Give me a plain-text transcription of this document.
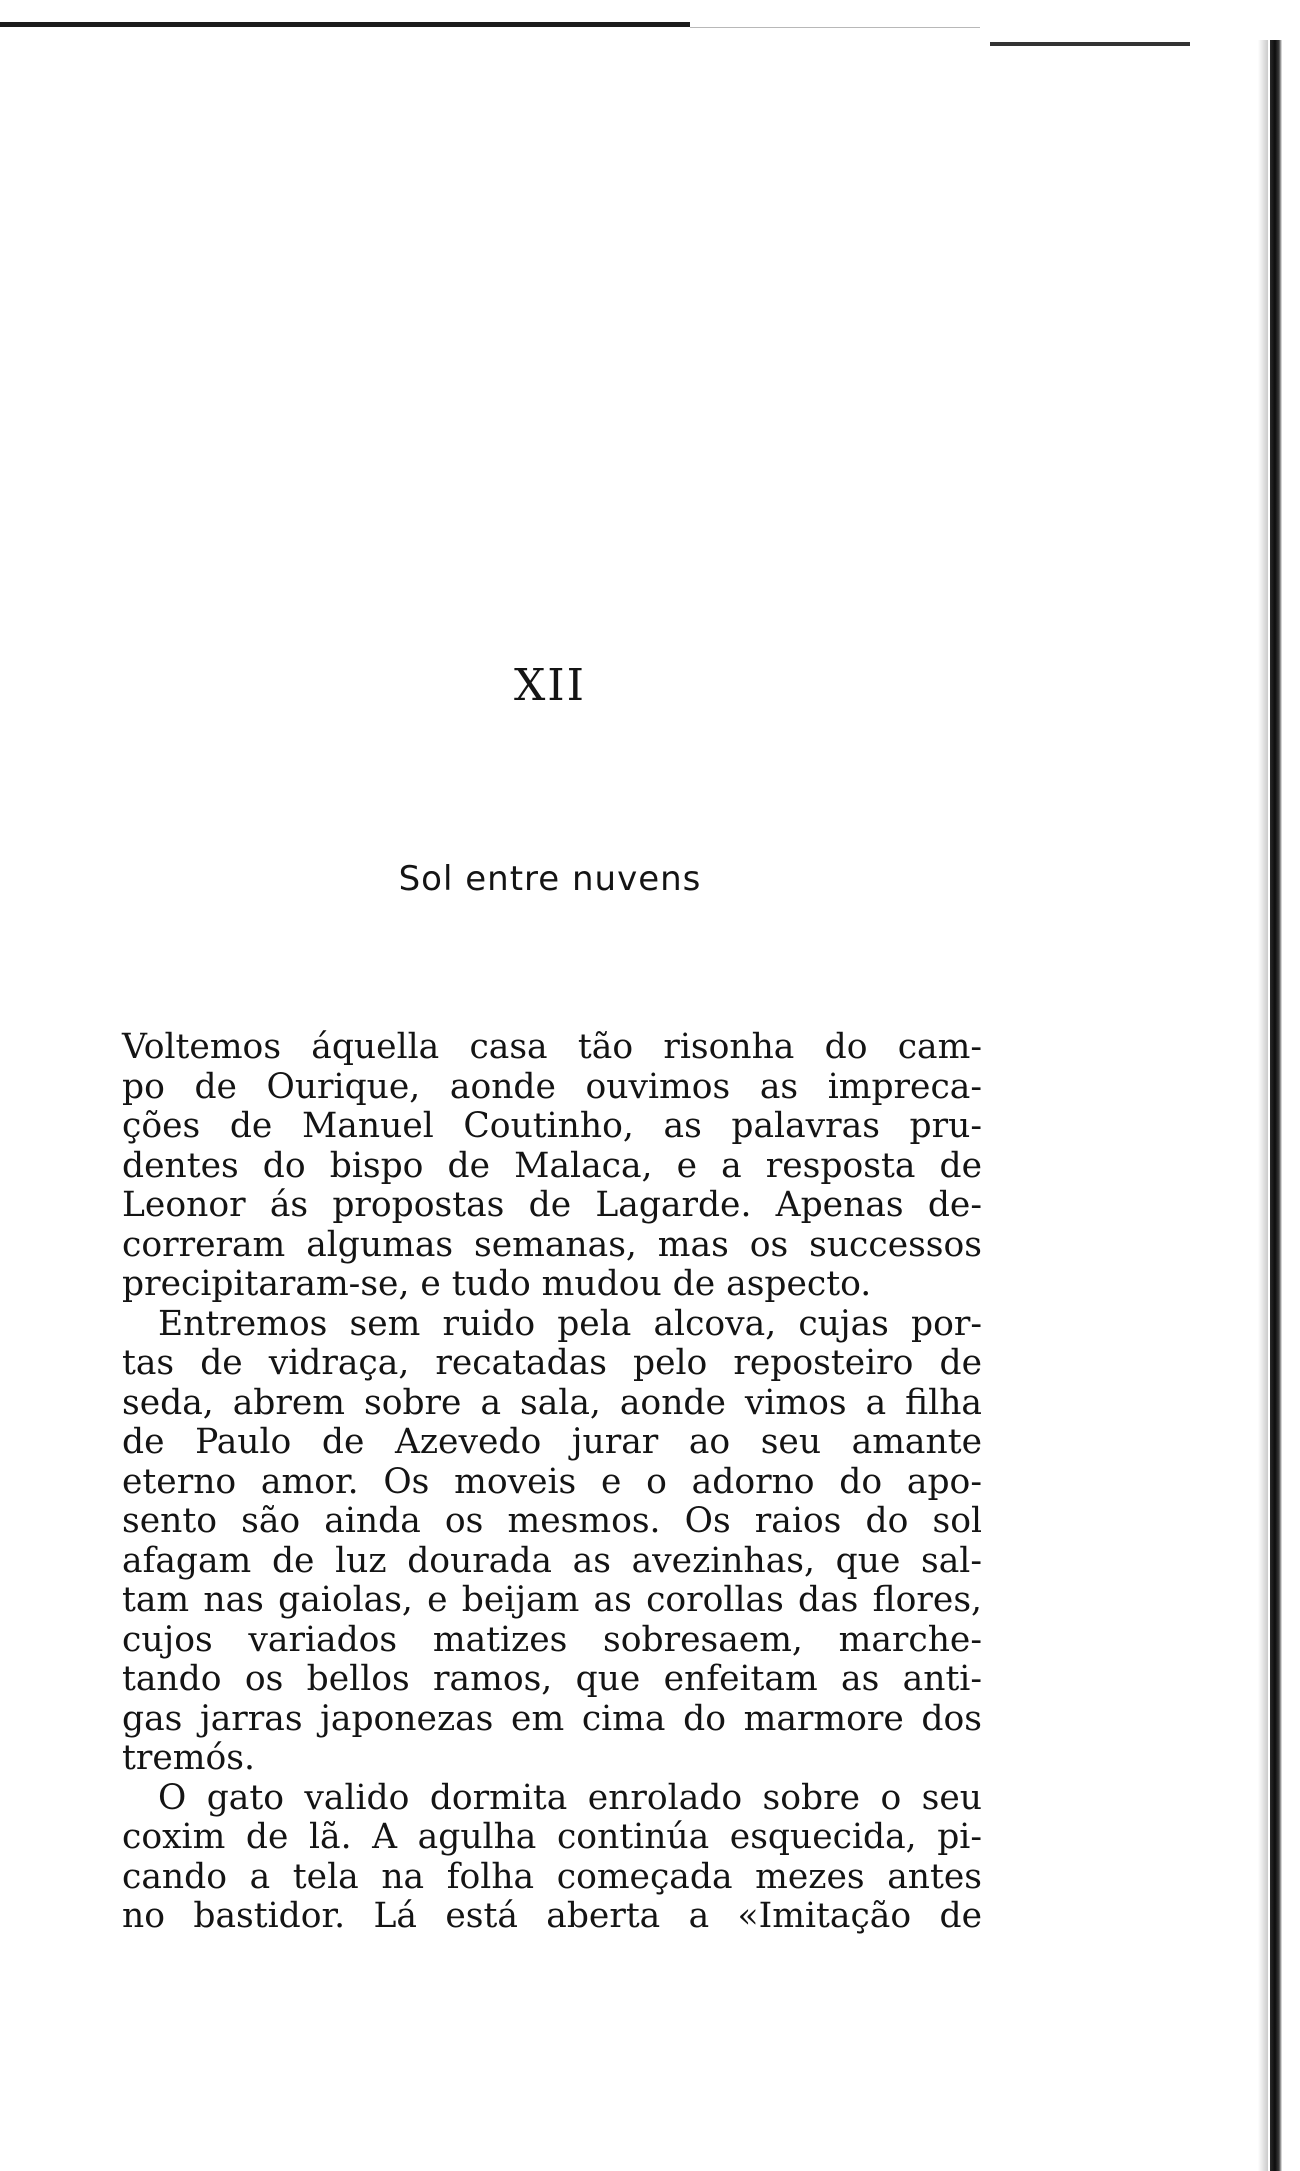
XII
Sol entre nuvens
Voltemos áquella casa tão risonha do cam-
po de Ourique, aonde ouvimos as impreca-
ções de Manuel Coutinho, as palavras pru-
dentes do bispo de Malaca, e a resposta de
Leonor ás propostas de Lagarde. Apenas de-
correram algumas semanas, mas os successos
precipitaram-se, e tudo mudou de aspecto.
Entremos sem ruido pela alcova, cujas por-
tas de vidraça, recatadas pelo reposteiro de
seda, abrem sobre a sala, aonde vimos a filha
de Paulo de Azevedo jurar ao seu amante
eterno amor. Os moveis e o adorno do apo-
sento são ainda os mesmos. Os raios do sol
afagam de luz dourada as avezinhas, que sal-
tam nas gaiolas, e beijam as corollas das flores,
cujos variados matizes sobresaem, marche-
tando os bellos ramos, que enfeitam as anti-
gas jarras japonezas em cima do marmore dos
tremós.
O gato valido dormita enrolado sobre o seu
coxim de lã. A agulha continúa esquecida, pi-
cando a tela na folha começada mezes antes
no bastidor. Lá está aberta a «Imitação de
